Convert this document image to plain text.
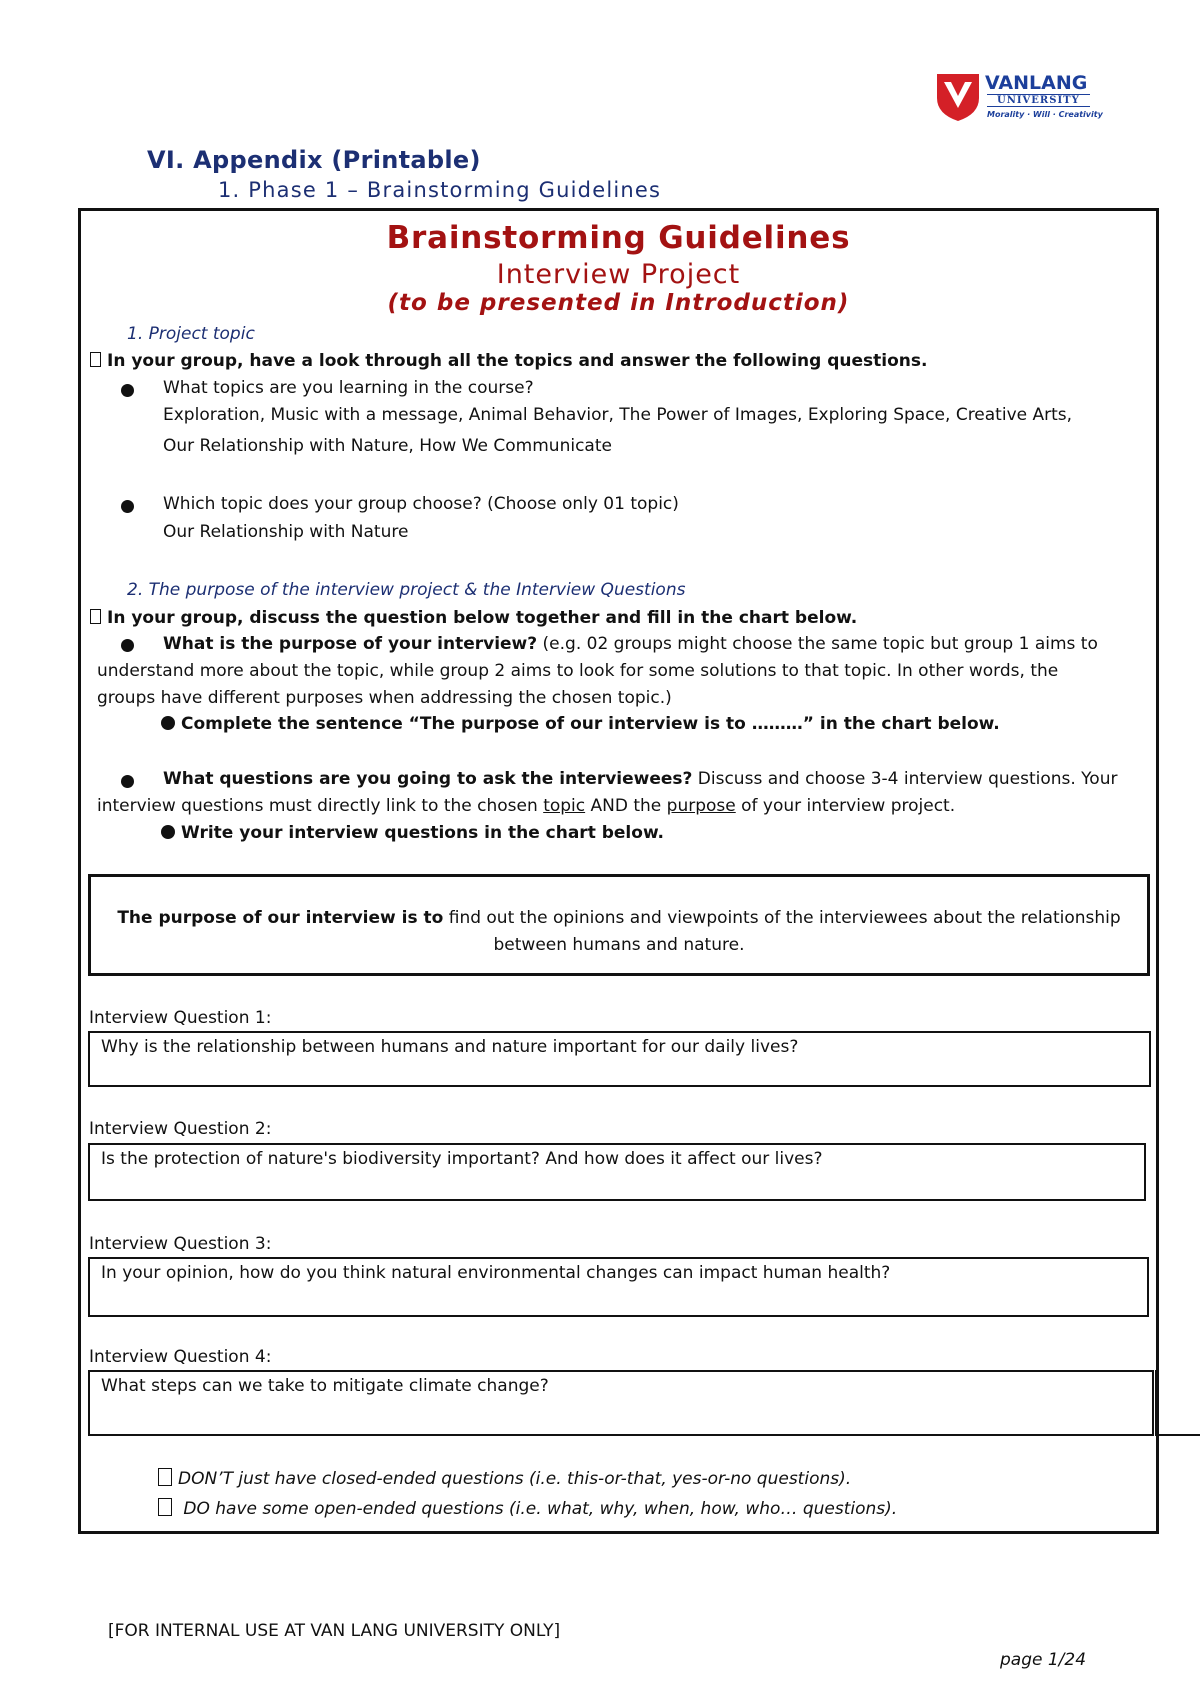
VANLANG
UNIVERSITY
Morality · Will · Creativity
VI. Appendix (Printable)
1. Phase 1 – Brainstorming Guidelines
Brainstorming Guidelines
Interview Project
(to be presented in Introduction)
1. Project topic
In your group, have a look through all the topics and answer the following questions.
What topics are you learning in the course?
Exploration, Music with a message, Animal Behavior, The Power of Images, Exploring Space, Creative Arts,
Our Relationship with Nature, How We Communicate
Which topic does your group choose? (Choose only 01 topic)
Our Relationship with Nature
2. The purpose of the interview project & the Interview Questions
In your group, discuss the question below together and fill in the chart below.
What is the purpose of your interview? (e.g. 02 groups might choose the same topic but group 1 aims to
understand more about the topic, while group 2 aims to look for some solutions to that topic. In other words, the
groups have different purposes when addressing the chosen topic.)
Complete the sentence “The purpose of our interview is to ………” in the chart below.
What questions are you going to ask the interviewees? Discuss and choose 3-4 interview questions. Your
interview questions must directly link to the chosen topic AND the purpose of your interview project.
Write your interview questions in the chart below.
The purpose of our interview is to find out the opinions and viewpoints of the interviewees about the relationship between humans and nature.
Interview Question 1:
Why is the relationship between humans and nature important for our daily lives?
Interview Question 2:
Is the protection of nature's biodiversity important? And how does it affect our lives?
Interview Question 3:
In your opinion, how do you think natural environmental changes can impact human health?
Interview Question 4:
What steps can we take to mitigate climate change?
DON’T just have closed-ended questions (i.e. this-or-that, yes-or-no questions).
DO have some open-ended questions (i.e. what, why, when, how, who… questions).
[FOR INTERNAL USE AT VAN LANG UNIVERSITY ONLY]
page 1/24
